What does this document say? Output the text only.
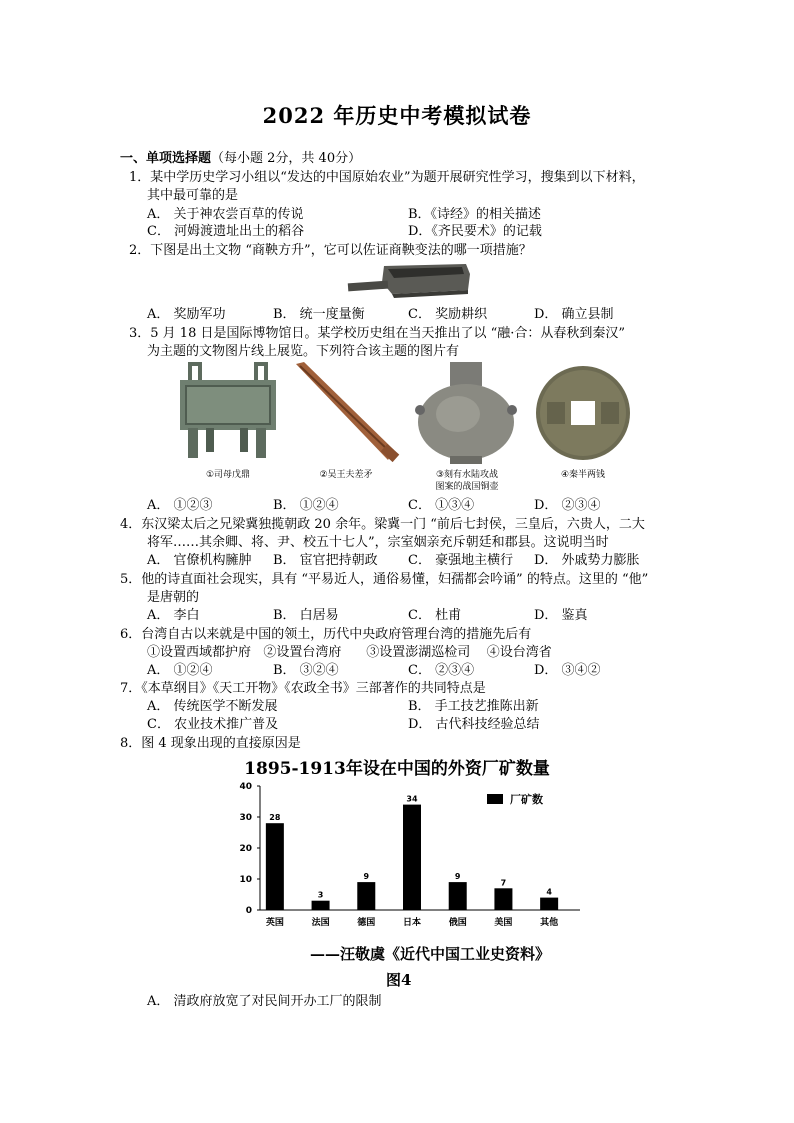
2022 年历史中考模拟试卷
一、单项选择题（每小题 2分，共 40分）
1．某中学历史学习小组以“发达的中国原始农业”为题开展研究性学习，搜集到以下材料，
其中最可靠的是
A． 关于神农尝百草的传说	B．《诗经》的相关描述
C． 河姆渡遗址出土的稻谷	D．《齐民要术》的记载
2．下图是出土文物 “商鞅方升”，它可以佐证商鞅变法的哪一项措施？
A． 奖励军功	B． 统一度量衡	C． 奖励耕织	D． 确立县制
3．5 月 18 日是国际博物馆日。某学校历史组在当天推出了以 “融·合：从春秋到秦汉”
为主题的文物图片线上展览。下列符合该主题的图片有
①司母戊鼎	②吴王夫差矛	③刻有水陆攻战
图案的战国铜壶
④秦半两钱
A． ①②③	B． ①②④	C． ①③④	D． ②③④
4．东汉梁太后之兄梁冀独揽朝政 20 余年。梁冀一门 “前后七封侯，三皇后，六贵人，二大
将军……其余卿、将、尹、校五十七人”，宗室姻亲充斥朝廷和郡县。这说明当时
A． 官僚机构臃肿 B． 宦官把持朝政 C． 豪强地主横行 D． 外戚势力膨胀
5．他的诗直面社会现实，具有 “平易近人，通俗易懂，妇孺都会吟诵” 的特点。这里的 “他”
是唐朝的
A． 李白	B． 白居易	C． 杜甫	D． 鉴真
6．台湾自古以来就是中国的领土，历代中央政府管理台湾的措施先后有
①设置西域都护府   ②设置台湾府      ③设置澎湖巡检司    ④设台湾省
A． ①②④	B． ③②④	C． ②③④	D． ③④②
7．《本草纲目》《天工开物》《农政全书》三部著作的共同特点是
A． 传统医学不断发展	B． 手工技艺推陈出新
C． 农业技术推广普及	D． 古代科技经验总结
8．图 4 现象出现的直接原因是
1895-1913年设在中国的外资厂矿数量
0
10
20
30
40
28
英国
3
法国
9
德国
34
日本
9
俄国
7
美国
4
其他
厂矿数
——汪敬虞《近代中国工业史资料》
图4
A． 清政府放宽了对民间开办工厂的限制
